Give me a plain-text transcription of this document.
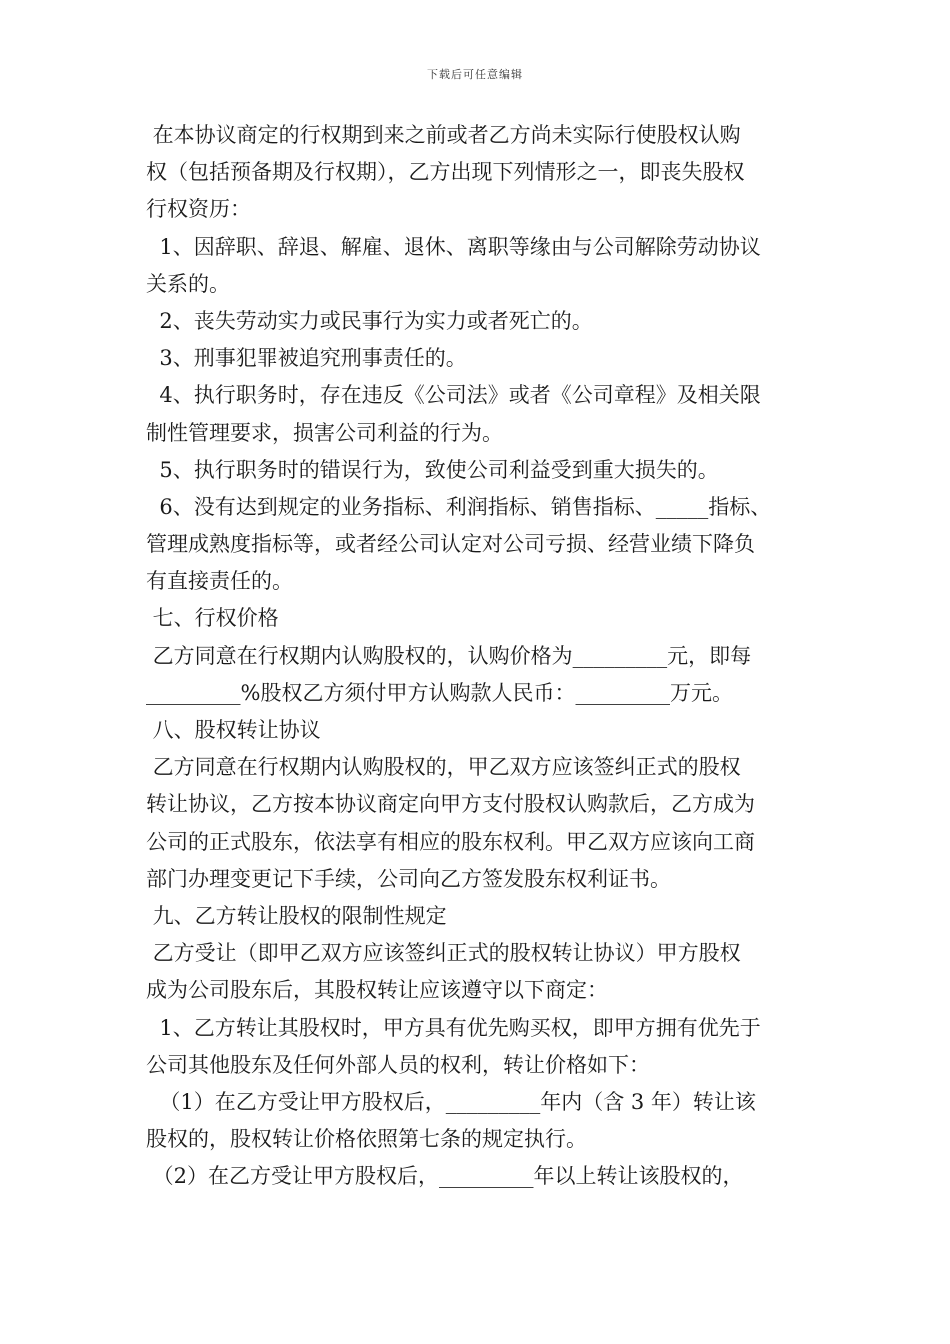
下载后可任意编辑
在本协议商定的行权期到来之前或者乙方尚未实际行使股权认购
权（包括预备期及行权期），乙方出现下列情形之一，即丧失股权
行权资历：
1、因辞职、辞退、解雇、退休、离职等缘由与公司解除劳动协议
关系的。
2、丧失劳动实力或民事行为实力或者死亡的。
3、刑事犯罪被追究刑事责任的。
4、执行职务时，存在违反《公司法》或者《公司章程》及相关限
制性管理要求，损害公司利益的行为。
5、执行职务时的错误行为，致使公司利益受到重大损失的。
6、没有达到规定的业务指标、利润指标、销售指标、_____指标、
管理成熟度指标等，或者经公司认定对公司亏损、经营业绩下降负
有直接责任的。
七、行权价格
乙方同意在行权期内认购股权的，认购价格为_________元，即每
_________%股权乙方须付甲方认购款人民币：_________万元。
八、股权转让协议
乙方同意在行权期内认购股权的，甲乙双方应该签纠正式的股权
转让协议，乙方按本协议商定向甲方支付股权认购款后，乙方成为
公司的正式股东，依法享有相应的股东权利。甲乙双方应该向工商
部门办理变更记下手续，公司向乙方签发股东权利证书。
九、乙方转让股权的限制性规定
乙方受让（即甲乙双方应该签纠正式的股权转让协议）甲方股权
成为公司股东后，其股权转让应该遵守以下商定：
1、乙方转让其股权时，甲方具有优先购买权，即甲方拥有优先于
公司其他股东及任何外部人员的权利，转让价格如下：
（1）在乙方受让甲方股权后，_________年内（含 3 年）转让该
股权的，股权转让价格依照第七条的规定执行。
（2）在乙方受让甲方股权后，_________年以上转让该股权的，
